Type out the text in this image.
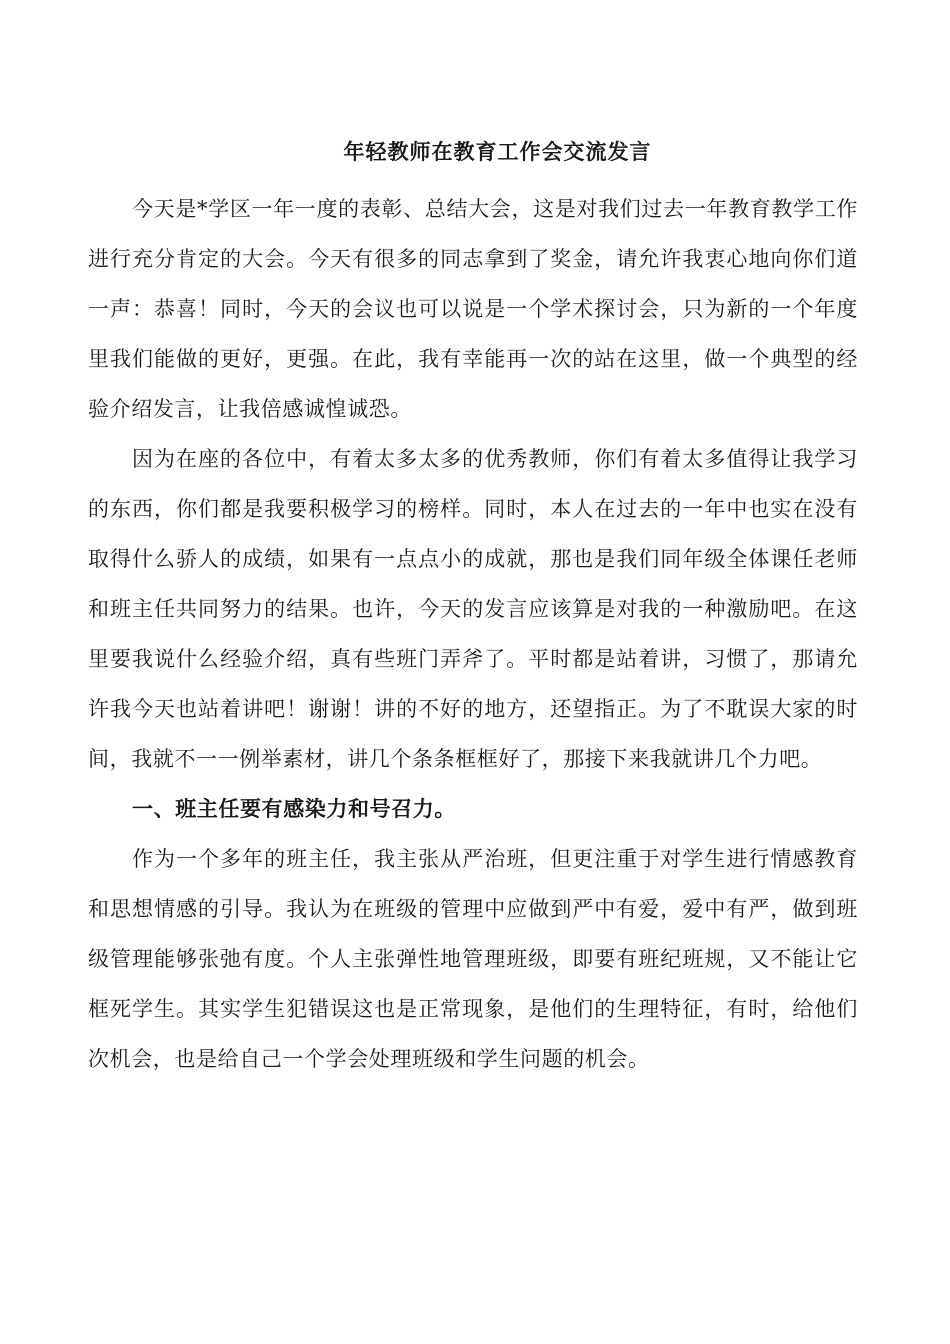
年轻教师在教育工作会交流发言

今天是*学区一年一度的表彰、总结大会，这是对我们过去一年教育教学工作进行充分肯定的大会。今天有很多的同志拿到了奖金，请允许我衷心地向你们道一声：恭喜！同时，今天的会议也可以说是一个学术探讨会，只为新的一个年度里我们能做的更好，更强。在此，我有幸能再一次的站在这里，做一个典型的经验介绍发言，让我倍感诚惶诚恐。

因为在座的各位中，有着太多太多的优秀教师，你们有着太多值得让我学习的东西，你们都是我要积极学习的榜样。同时，本人在过去的一年中也实在没有取得什么骄人的成绩，如果有一点点小的成就，那也是我们同年级全体课任老师和班主任共同努力的结果。也许，今天的发言应该算是对我的一种激励吧。在这里要我说什么经验介绍，真有些班门弄斧了。平时都是站着讲，习惯了，那请允许我今天也站着讲吧！谢谢！讲的不好的地方，还望指正。为了不耽误大家的时间，我就不一一例举素材，讲几个条条框框好了，那接下来我就讲几个力吧。

一、班主任要有感染力和号召力。

作为一个多年的班主任，我主张从严治班，但更注重于对学生进行情感教育和思想情感的引导。我认为在班级的管理中应做到严中有爱，爱中有严，做到班级管理能够张弛有度。个人主张弹性地管理班级，即要有班纪班规，又不能让它框死学生。其实学生犯错误这也是正常现象，是他们的生理特征，有时，给他们次机会，也是给自己一个学会处理班级和学生问题的机会。
